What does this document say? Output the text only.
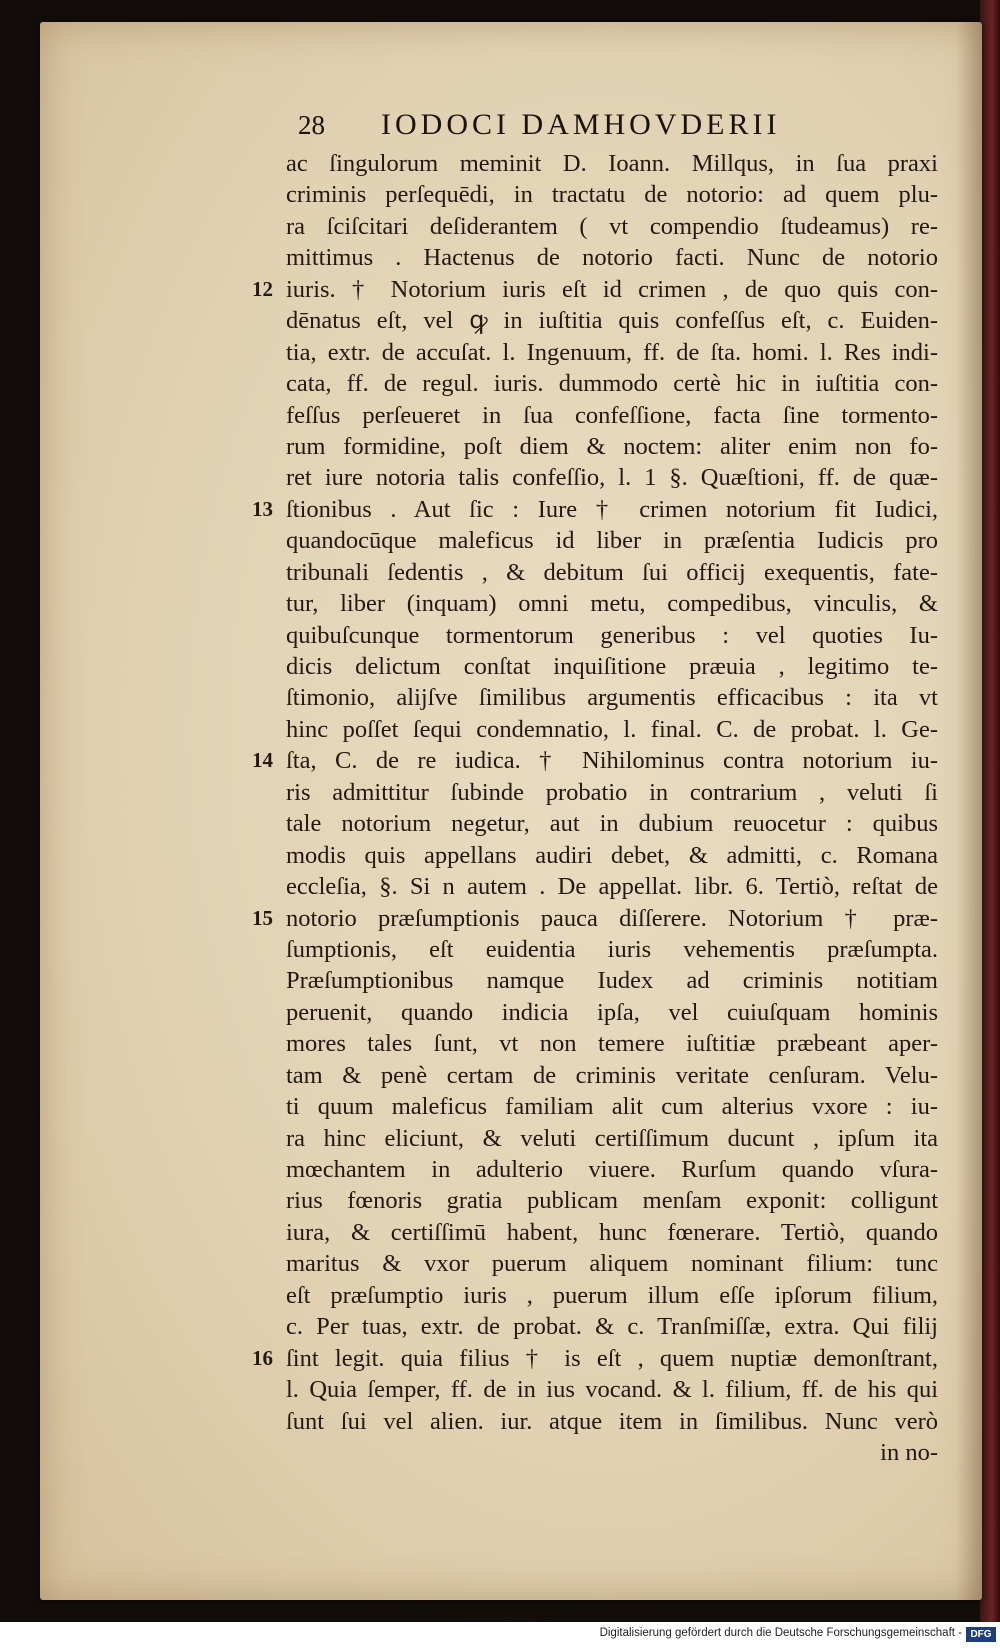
28 IODOCI DAMHOVDERII
ac ſingulorum meminit D. Ioann. Millqus, in ſua praxi
criminis perſequēdi, in tractatu de notorio: ad quem plu-
ra ſciſcitari deſiderantem ( vt compendio ſtudeamus) re-
mittimus . Hactenus de notorio facti. Nunc de notorio
12 iuris. † Notorium iuris eſt id crimen , de quo quis con-
dēnatus eſt, vel ꝙ in iuſtitia quis confeſſus eſt, c. Euiden-
tia, extr. de accuſat. l. Ingenuum, ff. de ſta. homi. l. Res indi-
cata, ff. de regul. iuris. dummodo certè hic in iuſtitia con-
feſſus perſeueret in ſua confeſſione, facta ſine tormento-
rum formidine, poſt diem & noctem: aliter enim non fo-
ret iure notoria talis confeſſio, l. 1 §. Quæſtioni, ff. de quæ-
13 ſtionibus . Aut ſic : Iure † crimen notorium fit Iudici,
quandocūque maleficus id liber in præſentia Iudicis pro
tribunali ſedentis , & debitum ſui officij exequentis, fate-
tur, liber (inquam) omni metu, compedibus, vinculis, &
quibuſcunque tormentorum generibus : vel quoties Iu-
dicis delictum conſtat inquiſitione præuia , legitimo te-
ſtimonio, alijſve ſimilibus argumentis efficacibus : ita vt
hinc poſſet ſequi condemnatio, l. final. C. de probat. l. Ge-
14 ſta, C. de re iudica. † Nihilominus contra notorium iu-
ris admittitur ſubinde probatio in contrarium , veluti ſi
tale notorium negetur, aut in dubium reuocetur : quibus
modis quis appellans audiri debet, & admitti, c. Romana
eccleſia, §. Si n autem . De appellat. libr. 6. Tertiò, reſtat de
15 notorio præſumptionis pauca diſſerere. Notorium † præ-
ſumptionis, eſt euidentia iuris vehementis præſumpta.
Præſumptionibus namque Iudex ad criminis notitiam
peruenit, quando indicia ipſa, vel cuiuſquam hominis
mores tales ſunt, vt non temere iuſtitiæ præbeant aper-
tam & penè certam de criminis veritate cenſuram. Velu-
ti quum maleficus familiam alit cum alterius vxore : iu-
ra hinc eliciunt, & veluti certiſſimum ducunt , ipſum ita
mœchantem in adulterio viuere. Rurſum quando vſura-
rius fœnoris gratia publicam menſam exponit: colligunt
iura, & certiſſimū habent, hunc fœnerare. Tertiò, quando
maritus & vxor puerum aliquem nominant filium: tunc
eſt præſumptio iuris , puerum illum eſſe ipſorum filium,
c. Per tuas, extr. de probat. & c. Tranſmiſſæ, extra. Qui filij
16 ſint legit. quia filius † is eſt , quem nuptiæ demonſtrant,
l. Quia ſemper, ff. de in ius vocand. & l. filium, ff. de his qui
ſunt ſui vel alien. iur. atque item in ſimilibus. Nunc verò
in no-
Digitalisierung gefördert durch die Deutsche Forschungsgemeinschaft - DFG
